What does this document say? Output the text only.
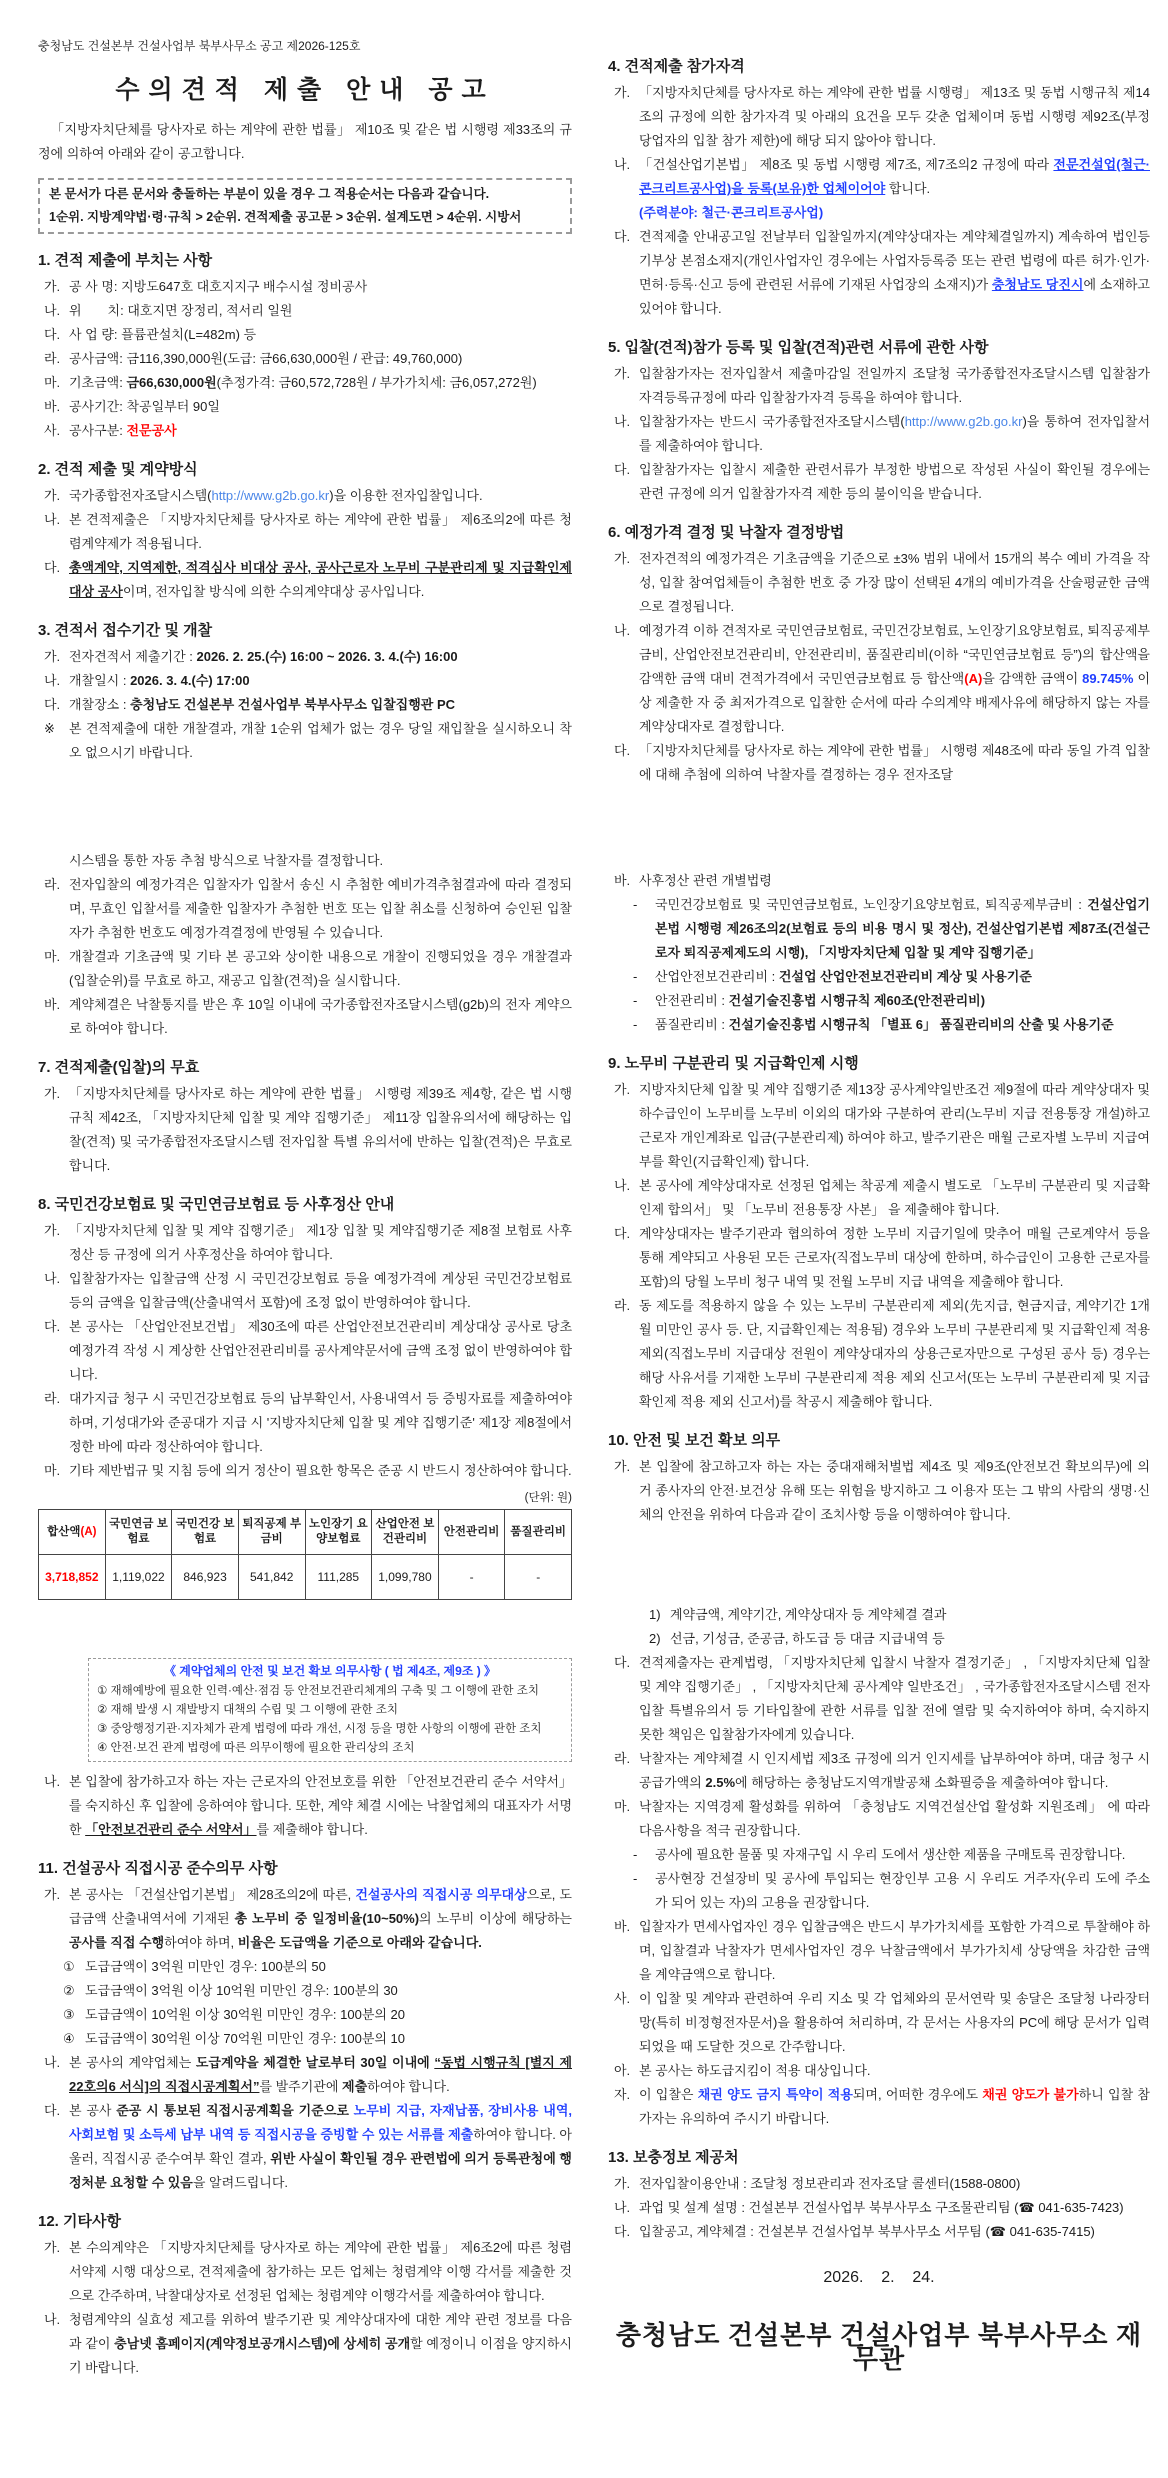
충청남도 건설본부 건설사업부 북부사무소 공고 제2026-125호
수의견적 제출 안내 공고
「지방자치단체를 당사자로 하는 계약에 관한 법률」 제10조 및 같은 법 시행령 제33조의 규정에 의하여 아래와 같이 공고합니다.
본 문서가 다른 문서와 충돌하는 부분이 있을 경우 그 적용순서는 다음과 같습니다.
1순위. 지방계약법·령·규칙 > 2순위. 견적제출 공고문 > 3순위. 설계도면 > 4순위. 시방서
1. 견적 제출에 부치는 사항
가. 공 사 명: 지방도647호 대호지지구 배수시설 정비공사
나. 위　　치: 대호지면 장정리, 적서리 일원
다. 사 업 량: 플륨관설치(L=482m) 등
라. 공사금액: 금116,390,000원(도급: 금66,630,000원 / 관급: 49,760,000)
마. 기초금액: 금66,630,000원(추정가격: 금60,572,728원 / 부가가치세: 금6,057,272원)
바. 공사기간: 착공일부터 90일
사. 공사구분: 전문공사
2. 견적 제출 및 계약방식
가. 국가종합전자조달시스템(http://www.g2b.go.kr)을 이용한 전자입찰입니다.
나. 본 견적제출은 「지방자치단체를 당사자로 하는 계약에 관한 법률」 제6조의2에 따른 청렴계약제가 적용됩니다.
다. 총액계약, 지역제한, 적격심사 비대상 공사, 공사근로자 노무비 구분관리제 및 지급확인제 대상 공사이며, 전자입찰 방식에 의한 수의계약대상 공사입니다.
3. 견적서 접수기간 및 개찰
가. 전자견적서 제출기간 : 2026. 2. 25.(수) 16:00 ~ 2026. 3. 4.(수) 16:00
나. 개찰일시 : 2026. 3. 4.(수) 17:00
다. 개찰장소 : 충청남도 건설본부 건설사업부 북부사무소 입찰집행관 PC
※ 본 견적제출에 대한 개찰결과, 개찰 1순위 업체가 없는 경우 당일 재입찰을 실시하오니 착오 없으시기 바랍니다.
시스템을 통한 자동 추첨 방식으로 낙찰자를 결정합니다.
라. 전자입찰의 예정가격은 입찰자가 입찰서 송신 시 추첨한 예비가격추첨결과에 따라 결정되며, 무효인 입찰서를 제출한 입찰자가 추첨한 번호 또는 입찰 취소를 신청하여 승인된 입찰자가 추첨한 번호도 예정가격결정에 반영될 수 있습니다.
마. 개찰결과 기초금액 및 기타 본 공고와 상이한 내용으로 개찰이 진행되었을 경우 개찰결과(입찰순위)를 무효로 하고, 재공고 입찰(견적)을 실시합니다.
바. 계약체결은 낙찰통지를 받은 후 10일 이내에 국가종합전자조달시스템(g2b)의 전자 계약으로 하여야 합니다.
7. 견적제출(입찰)의 무효
가. 「지방자치단체를 당사자로 하는 계약에 관한 법률」 시행령 제39조 제4항, 같은 법 시행규칙 제42조, 「지방자치단체 입찰 및 계약 집행기준」 제11장 입찰유의서에 해당하는 입찰(견적) 및 국가종합전자조달시스템 전자입찰 특별 유의서에 반하는 입찰(견적)은 무효로 합니다.
8. 국민건강보험료 및 국민연금보험료 등 사후정산 안내
가. 「지방자치단체 입찰 및 계약 집행기준」 제1장 입찰 및 계약집행기준 제8절 보험료 사후정산 등 규정에 의거 사후정산을 하여야 합니다.
나. 입찰참가자는 입찰금액 산정 시 국민건강보험료 등을 예정가격에 계상된 국민건강보험료 등의 금액을 입찰금액(산출내역서 포함)에 조정 없이 반영하여야 합니다.
다. 본 공사는 「산업안전보건법」 제30조에 따른 산업안전보건관리비 계상대상 공사로 당초예정가격 작성 시 계상한 산업안전관리비를 공사계약문서에 금액 조정 없이 반영하여야 합니다.
라. 대가지급 청구 시 국민건강보험료 등의 납부확인서, 사용내역서 등 증빙자료를 제출하여야 하며, 기성대가와 준공대가 지급 시 '지방자치단체 입찰 및 계약 집행기준' 제1장 제8절에서 정한 바에 따라 정산하여야 합니다.
마. 기타 제반법규 및 지침 등에 의거 정산이 필요한 항목은 준공 시 반드시 정산하여야 합니다.
(단위: 원)
합산액(A)	국민연금 보험료	국민건강 보험료	퇴직공제 부금비	노인장기 요양보험료	산업안전 보건관리비	안전관리비	품질관리비
3,718,852	1,119,022	846,923	541,842	111,285	1,099,780	-	-
《 계약업체의 안전 및 보건 확보 의무사항 ( 법 제4조, 제9조 ) 》
① 재해예방에 필요한 인력·예산·점검 등 안전보건관리체계의 구축 및 그 이행에 관한 조치
② 재해 발생 시 재발방지 대책의 수립 및 그 이행에 관한 조치
③ 중앙행정기관·지자체가 관계 법령에 따라 개선, 시정 등을 명한 사항의 이행에 관한 조치
④ 안전·보건 관계 법령에 따른 의무이행에 필요한 관리상의 조치
나. 본 입찰에 참가하고자 하는 자는 근로자의 안전보호를 위한 「안전보건관리 준수 서약서」를 숙지하신 후 입찰에 응하여야 합니다. 또한, 계약 체결 시에는 낙찰업체의 대표자가 서명한 「안전보건관리 준수 서약서」를 제출해야 합니다.
11. 건설공사 직접시공 준수의무 사항
가. 본 공사는 「건설산업기본법」 제28조의2에 따른, 건설공사의 직접시공 의무대상으로, 도급금액 산출내역서에 기재된 총 노무비 중 일정비율(10~50%)의 노무비 이상에 해당하는 공사를 직접 수행하여야 하며, 비율은 도급액을 기준으로 아래와 같습니다.
① 도급금액이 3억원 미만인 경우: 100분의 50
② 도급금액이 3억원 이상 10억원 미만인 경우: 100분의 30
③ 도급금액이 10억원 이상 30억원 미만인 경우: 100분의 20
④ 도급금액이 30억원 이상 70억원 미만인 경우: 100분의 10
나. 본 공사의 계약업체는 도급계약을 체결한 날로부터 30일 이내에 “동법 시행규칙 [별지 제22호의6 서식]의 직접시공계획서”를 발주기관에 제출하여야 합니다.
다. 본 공사 준공 시 통보된 직접시공계획을 기준으로 노무비 지급, 자재납품, 장비사용 내역, 사회보험 및 소득세 납부 내역 등 직접시공을 증빙할 수 있는 서류를 제출하여야 합니다. 아울러, 직접시공 준수여부 확인 결과, 위반 사실이 확인될 경우 관련법에 의거 등록관청에 행정처분 요청할 수 있음을 알려드립니다.
12. 기타사항
가. 본 수의계약은 「지방자치단체를 당사자로 하는 계약에 관한 법률」 제6조2에 따른 청렴서약제 시행 대상으로, 견적제출에 참가하는 모든 업체는 청렴계약 이행 각서를 제출한 것으로 간주하며, 낙찰대상자로 선정된 업체는 청렴계약 이행각서를 제출하여야 합니다.
나. 청렴계약의 실효성 제고를 위하여 발주기관 및 계약상대자에 대한 계약 관련 정보를 다음과 같이 충남넷 홈페이지(계약정보공개시스템)에 상세히 공개할 예정이니 이점을 양지하시기 바랍니다.
4. 견적제출 참가자격
가. 「지방자치단체를 당사자로 하는 계약에 관한 법률 시행령」 제13조 및 동법 시행규칙 제14조의 규정에 의한 참가자격 및 아래의 요건을 모두 갖춘 업체이며 동법 시행령 제92조(부정당업자의 입찰 참가 제한)에 해당 되지 않아야 합니다.
나. 「건설산업기본법」 제8조 및 동법 시행령 제7조, 제7조의2 규정에 따라 전문건설업(철근·콘크리트공사업)을 등록(보유)한 업체이어야 합니다.
(주력분야: 철근·콘크리트공사업)
다. 견적제출 안내공고일 전날부터 입찰일까지(계약상대자는 계약체결일까지) 계속하여 법인등기부상 본점소재지(개인사업자인 경우에는 사업자등록증 또는 관련 법령에 따른 허가·인가·면허·등록·신고 등에 관련된 서류에 기재된 사업장의 소재지)가 충청남도 당진시에 소재하고 있어야 합니다.
5. 입찰(견적)참가 등록 및 입찰(견적)관련 서류에 관한 사항
가. 입찰참가자는 전자입찰서 제출마감일 전일까지 조달청 국가종합전자조달시스템 입찰참가자격등록규정에 따라 입찰참가자격 등록을 하여야 합니다.
나. 입찰참가자는 반드시 국가종합전자조달시스템(http://www.g2b.go.kr)을 통하여 전자입찰서를 제출하여야 합니다.
다. 입찰참가자는 입찰시 제출한 관련서류가 부정한 방법으로 작성된 사실이 확인될 경우에는 관련 규정에 의거 입찰참가자격 제한 등의 불이익을 받습니다.
6. 예정가격 결정 및 낙찰자 결정방법
가. 전자견적의 예정가격은 기초금액을 기준으로 ±3% 범위 내에서 15개의 복수 예비 가격을 작성, 입찰 참여업체들이 추첨한 번호 중 가장 많이 선택된 4개의 예비가격을 산술평균한 금액으로 결정됩니다.
나. 예정가격 이하 견적자로 국민연금보험료, 국민건강보험료, 노인장기요양보험료, 퇴직공제부금비, 산업안전보건관리비, 안전관리비, 품질관리비(이하 “국민연금보험료 등”)의 합산액을 감액한 금액 대비 견적가격에서 국민연금보험료 등 합산액(A)을 감액한 금액이 89.745% 이상 제출한 자 중 최저가격으로 입찰한 순서에 따라 수의계약 배제사유에 해당하지 않는 자를 계약상대자로 결정합니다.
다. 「지방자치단체를 당사자로 하는 계약에 관한 법률」 시행령 제48조에 따라 동일 가격 입찰에 대해 추첨에 의하여 낙찰자를 결정하는 경우 전자조달
바. 사후정산 관련 개별법령
- 국민건강보험료 및 국민연금보험료, 노인장기요양보험료, 퇴직공제부금비 : 건설산업기본법 시행령 제26조의2(보험료 등의 비용 명시 및 정산), 건설산업기본법 제87조(건설근로자 퇴직공제제도의 시행), 「지방자치단체 입찰 및 계약 집행기준」
- 산업안전보건관리비 : 건설업 산업안전보건관리비 계상 및 사용기준
- 안전관리비 : 건설기술진흥법 시행규칙 제60조(안전관리비)
- 품질관리비 : 건설기술진흥법 시행규칙 「별표 6」 품질관리비의 산출 및 사용기준
9. 노무비 구분관리 및 지급확인제 시행
가. 지방자치단체 입찰 및 계약 집행기준 제13장 공사계약일반조건 제9절에 따라 계약상대자 및 하수급인이 노무비를 노무비 이외의 대가와 구분하여 관리(노무비 지급 전용통장 개설)하고 근로자 개인계좌로 입금(구분관리제) 하여야 하고, 발주기관은 매월 근로자별 노무비 지급여부를 확인(지급확인제) 합니다.
나. 본 공사에 계약상대자로 선정된 업체는 착공계 제출시 별도로 「노무비 구분관리 및 지급확인제 합의서」 및 「노무비 전용통장 사본」 을 제출해야 합니다.
다. 계약상대자는 발주기관과 협의하여 정한 노무비 지급기일에 맞추어 매월 근로계약서 등을 통해 계약되고 사용된 모든 근로자(직접노무비 대상에 한하며, 하수급인이 고용한 근로자를 포함)의 당월 노무비 청구 내역 및 전월 노무비 지급 내역을 제출해야 합니다.
라. 동 제도를 적용하지 않을 수 있는 노무비 구분관리제 제외(先지급, 현금지급, 계약기간 1개월 미만인 공사 등. 단, 지급확인제는 적용됨) 경우와 노무비 구분관리제 및 지급확인제 적용 제외(직접노무비 지급대상 전원이 계약상대자의 상용근로자만으로 구성된 공사 등) 경우는 해당 사유서를 기재한 노무비 구분관리제 적용 제외 신고서(또는 노무비 구분관리제 및 지급확인제 적용 제외 신고서)를 착공시 제출해야 합니다.
10. 안전 및 보건 확보 의무
가. 본 입찰에 참고하고자 하는 자는 중대재해처벌법 제4조 및 제9조(안전보건 확보의무)에 의거 종사자의 안전·보건상 유해 또는 위험을 방지하고 그 이용자 또는 그 밖의 사람의 생명·신체의 안전을 위하여 다음과 같이 조치사항 등을 이행하여야 합니다.
1) 계약금액, 계약기간, 계약상대자 등 계약체결 결과
2) 선금, 기성금, 준공금, 하도급 등 대금 지급내역 등
다. 견적제출자는 관계법령, 「지방자치단체 입찰시 낙찰자 결정기준」 , 「지방자치단체 입찰 및 계약 집행기준」 , 「지방자치단체 공사계약 일반조건」 , 국가종합전자조달시스템 전자입찰 특별유의서 등 기타입찰에 관한 서류를 입찰 전에 열람 및 숙지하여야 하며, 숙지하지 못한 책임은 입찰참가자에게 있습니다.
라. 낙찰자는 계약체결 시 인지세법 제3조 규정에 의거 인지세를 납부하여야 하며, 대금 청구 시 공급가액의 2.5%에 해당하는 충청남도지역개발공채 소화필증을 제출하여야 합니다.
마. 낙찰자는 지역경제 활성화를 위하여 「충청남도 지역건설산업 활성화 지원조례」 에 따라 다음사항을 적극 권장합니다.
- 공사에 필요한 물품 및 자재구입 시 우리 도에서 생산한 제품을 구매토록 권장합니다.
- 공사현장 건설장비 및 공사에 투입되는 현장인부 고용 시 우리도 거주자(우리 도에 주소가 되어 있는 자)의 고용을 권장합니다.
바. 입찰자가 면세사업자인 경우 입찰금액은 반드시 부가가치세를 포함한 가격으로 투찰해야 하며, 입찰결과 낙찰자가 면세사업자인 경우 낙찰금액에서 부가가치세 상당액을 차감한 금액을 계약금액으로 합니다.
사. 이 입찰 및 계약과 관련하여 우리 지소 및 각 업체와의 문서연락 및 송달은 조달청 나라장터망(특히 비정형전자문서)을 활용하여 처리하며, 각 문서는 사용자의 PC에 해당 문서가 입력되었을 때 도달한 것으로 간주합니다.
아. 본 공사는 하도급지킴이 적용 대상입니다.
자. 이 입찰은 채권 양도 금지 특약이 적용되며, 어떠한 경우에도 채권 양도가 불가하니 입찰 참가자는 유의하여 주시기 바랍니다.
13. 보충정보 제공처
가. 전자입찰이용안내 : 조달청 정보관리과 전자조달 콜센터(1588-0800)
나. 과업 및 설계 설명 : 건설본부 건설사업부 북부사무소 구조물관리팀 (☎ 041-635-7423)
다. 입찰공고, 계약체결 : 건설본부 건설사업부 북부사무소 서무팀 (☎ 041-635-7415)
2026.    2.    24.
충청남도 건설본부 건설사업부 북부사무소 재무관
